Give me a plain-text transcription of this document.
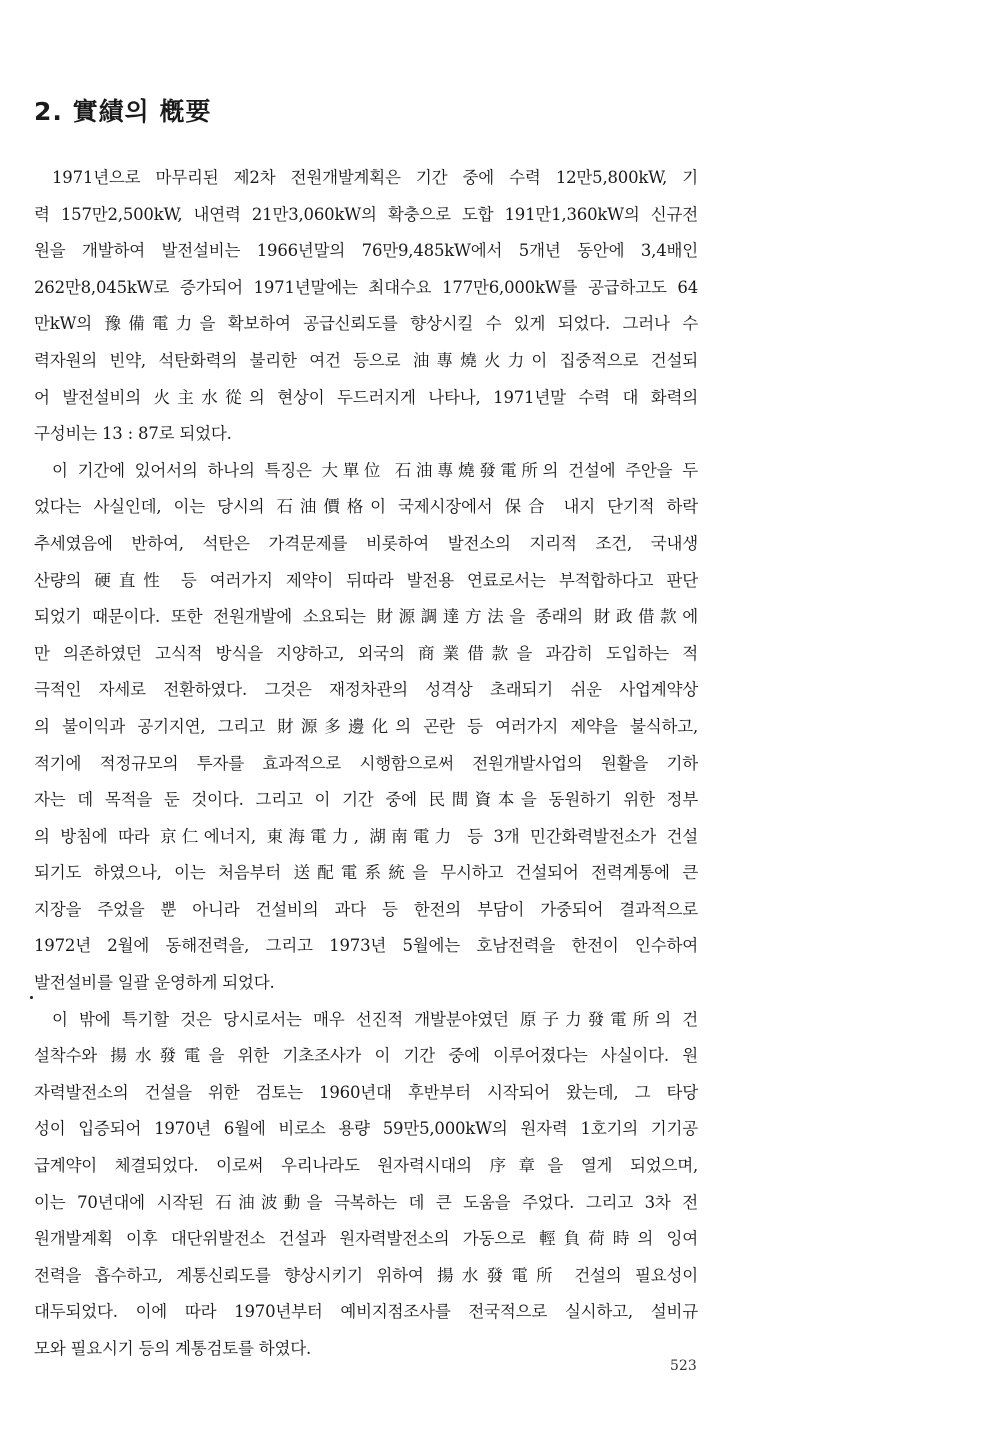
2. 實績의 槪要
1971년으로 마무리된 제2차 전원개발계획은 기간 중에 수력 12만5,800kW, 기
력 157만2,500kW, 내연력 21만3,060kW의 확충으로 도합 191만1,360kW의 신규전
원을 개발하여 발전설비는 1966년말의 76만9,485kW에서 5개년 동안에 3,4배인
262만8,045kW로 증가되어 1971년말에는 최대수요 177만6,000kW를 공급하고도 64
만kW의 豫備電力을 확보하여 공급신뢰도를 향상시킬 수 있게 되었다. 그러나 수
력자원의 빈약, 석탄화력의 불리한 여건 등으로 油專燒火力이 집중적으로 건설되
어 발전설비의 火主水從의 현상이 두드러지게 나타나, 1971년말 수력 대 화력의
구성비는 13 : 87로 되었다.
이 기간에 있어서의 하나의 특징은 大單位 石油專燒發電所의 건설에 주안을 두
었다는 사실인데, 이는 당시의 石油價格이 국제시장에서 保合 내지 단기적 하락
추세였음에 반하여, 석탄은 가격문제를 비롯하여 발전소의 지리적 조건, 국내생
산량의 硬直性 등 여러가지 제약이 뒤따라 발전용 연료로서는 부적합하다고 판단
되었기 때문이다. 또한 전원개발에 소요되는 財源調達方法을 종래의 財政借款에
만 의존하였던 고식적 방식을 지양하고, 외국의 商業借款을 과감히 도입하는 적
극적인 자세로 전환하였다. 그것은 재정차관의 성격상 초래되기 쉬운 사업계약상
의 불이익과 공기지연, 그리고 財源多邊化의 곤란 등 여러가지 제약을 불식하고,
적기에 적정규모의 투자를 효과적으로 시행함으로써 전원개발사업의 원활을 기하
자는 데 목적을 둔 것이다. 그리고 이 기간 중에 民間資本을 동원하기 위한 정부
의 방침에 따라 京仁에너지, 東海電力, 湖南電力 등 3개 민간화력발전소가 건설
되기도 하였으나, 이는 처음부터 送配電系統을 무시하고 건설되어 전력계통에 큰
지장을 주었을 뿐 아니라 건설비의 과다 등 한전의 부담이 가중되어 결과적으로
1972년 2월에 동해전력을, 그리고 1973년 5월에는 호남전력을 한전이 인수하여
발전설비를 일괄 운영하게 되었다.
이 밖에 특기할 것은 당시로서는 매우 선진적 개발분야였던 原子力發電所의 건
설착수와 揚水發電을 위한 기초조사가 이 기간 중에 이루어졌다는 사실이다. 원
자력발전소의 건설을 위한 검토는 1960년대 후반부터 시작되어 왔는데, 그 타당
성이 입증되어 1970년 6월에 비로소 용량 59만5,000kW의 원자력 1호기의 기기공
급계약이 체결되었다. 이로써 우리나라도 원자력시대의 序章을 열게 되었으며,
이는 70년대에 시작된 石油波動을 극복하는 데 큰 도움을 주었다. 그리고 3차 전
원개발계획 이후 대단위발전소 건설과 원자력발전소의 가동으로 輕負荷時의 잉여
전력을 흡수하고, 계통신뢰도를 향상시키기 위하여 揚水發電所 건설의 필요성이
대두되었다. 이에 따라 1970년부터 예비지점조사를 전국적으로 실시하고, 설비규
모와 필요시기 등의 계통검토를 하였다.
523
